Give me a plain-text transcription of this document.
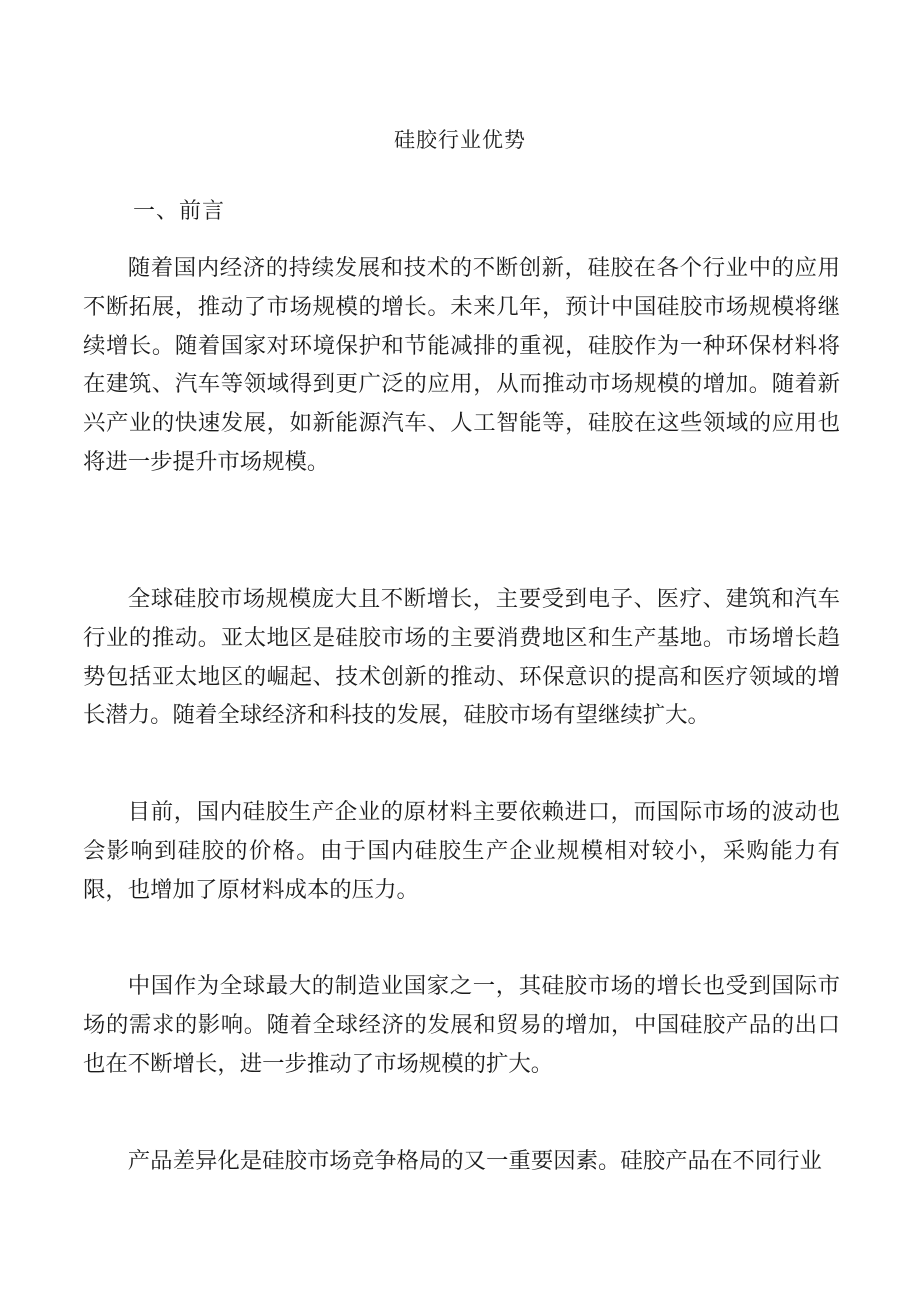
硅胶行业优势
一、前言

随着国内经济的持续发展和技术的不断创新，硅胶在各个行业中的应用不断拓展，推动了市场规模的增长。未来几年，预计中国硅胶市场规模将继续增长。随着国家对环境保护和节能减排的重视，硅胶作为一种环保材料将在建筑、汽车等领域得到更广泛的应用，从而推动市场规模的增加。随着新兴产业的快速发展，如新能源汽车、人工智能等，硅胶在这些领域的应用也将进一步提升市场规模。

全球硅胶市场规模庞大且不断增长，主要受到电子、医疗、建筑和汽车行业的推动。亚太地区是硅胶市场的主要消费地区和生产基地。市场增长趋势包括亚太地区的崛起、技术创新的推动、环保意识的提高和医疗领域的增长潜力。随着全球经济和科技的发展，硅胶市场有望继续扩大。

目前，国内硅胶生产企业的原材料主要依赖进口，而国际市场的波动也会影响到硅胶的价格。由于国内硅胶生产企业规模相对较小，采购能力有限，也增加了原材料成本的压力。

中国作为全球最大的制造业国家之一，其硅胶市场的增长也受到国际市场的需求的影响。随着全球经济的发展和贸易的增加，中国硅胶产品的出口也在不断增长，进一步推动了市场规模的扩大。

产品差异化是硅胶市场竞争格局的又一重要因素。硅胶产品在不同行业
